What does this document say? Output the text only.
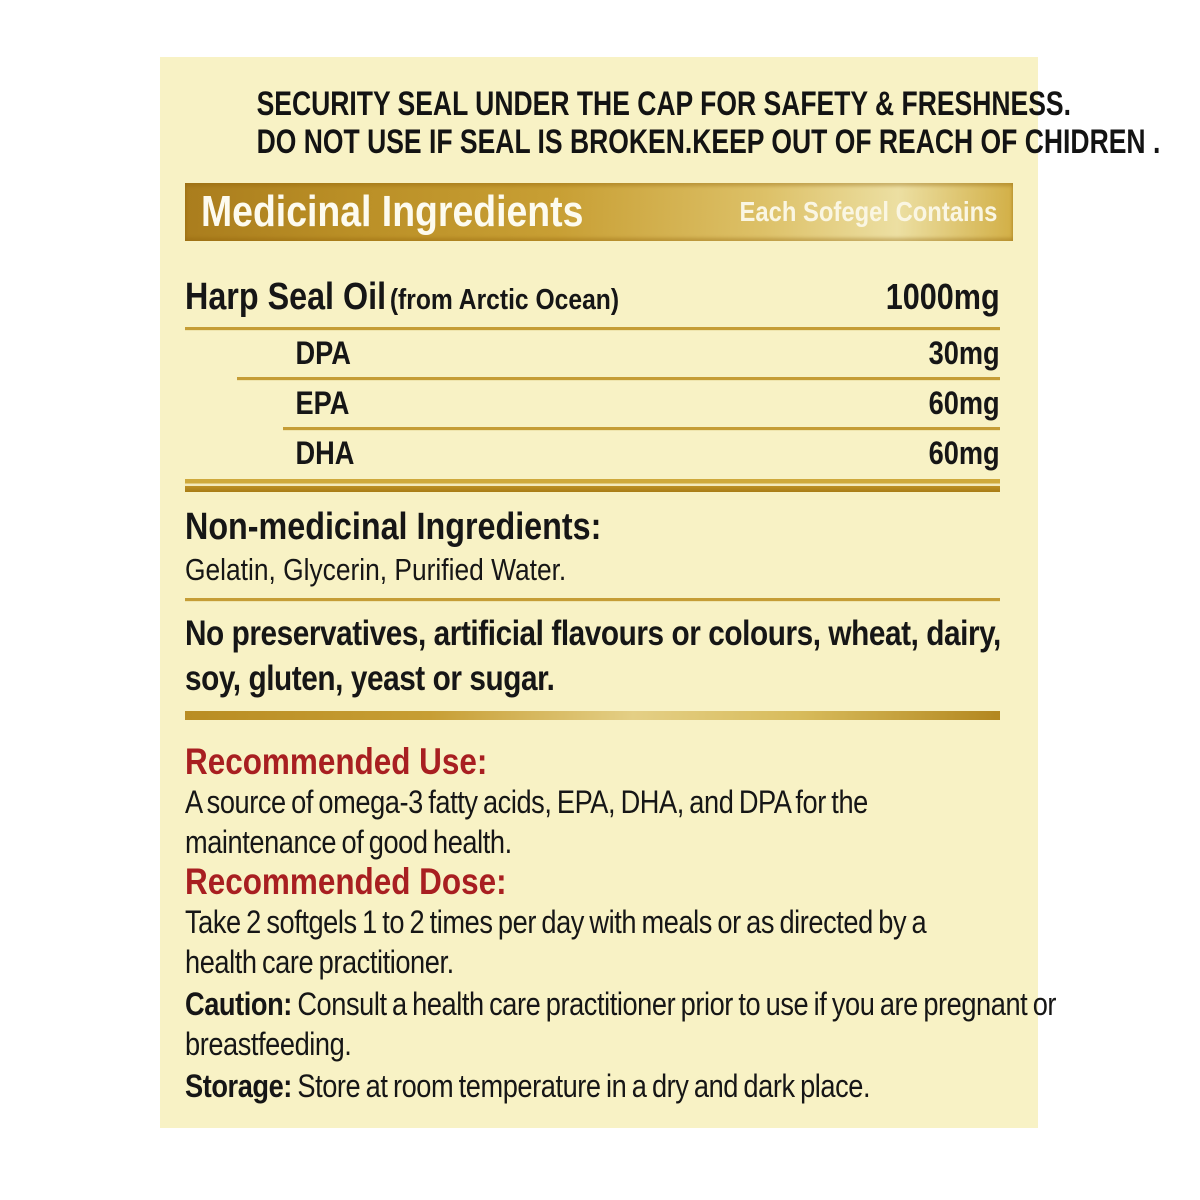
SECURITY SEAL UNDER THE CAP FOR SAFETY & FRESHNESS.
DO NOT USE IF SEAL IS BROKEN.KEEP OUT OF REACH OF CHIDREN .
Medicinal Ingredients	Each Sofegel Contains
Harp Seal Oil (from Arctic Ocean)	1000mg
DPA	30mg
EPA	60mg
DHA	60mg
Non-medicinal Ingredients:
Gelatin, Glycerin, Purified Water.
No preservatives, artificial flavours or colours, wheat, dairy, soy, gluten, yeast or sugar.
Recommended Use:
A source of omega-3 fatty acids, EPA, DHA, and DPA for the maintenance of good health.
Recommended Dose:
Take 2 softgels 1 to 2 times per day with meals or as directed by a health care practitioner.
Caution: Consult a health care practitioner prior to use if you are pregnant or breastfeeding.
Storage: Store at room temperature in a dry and dark place.
